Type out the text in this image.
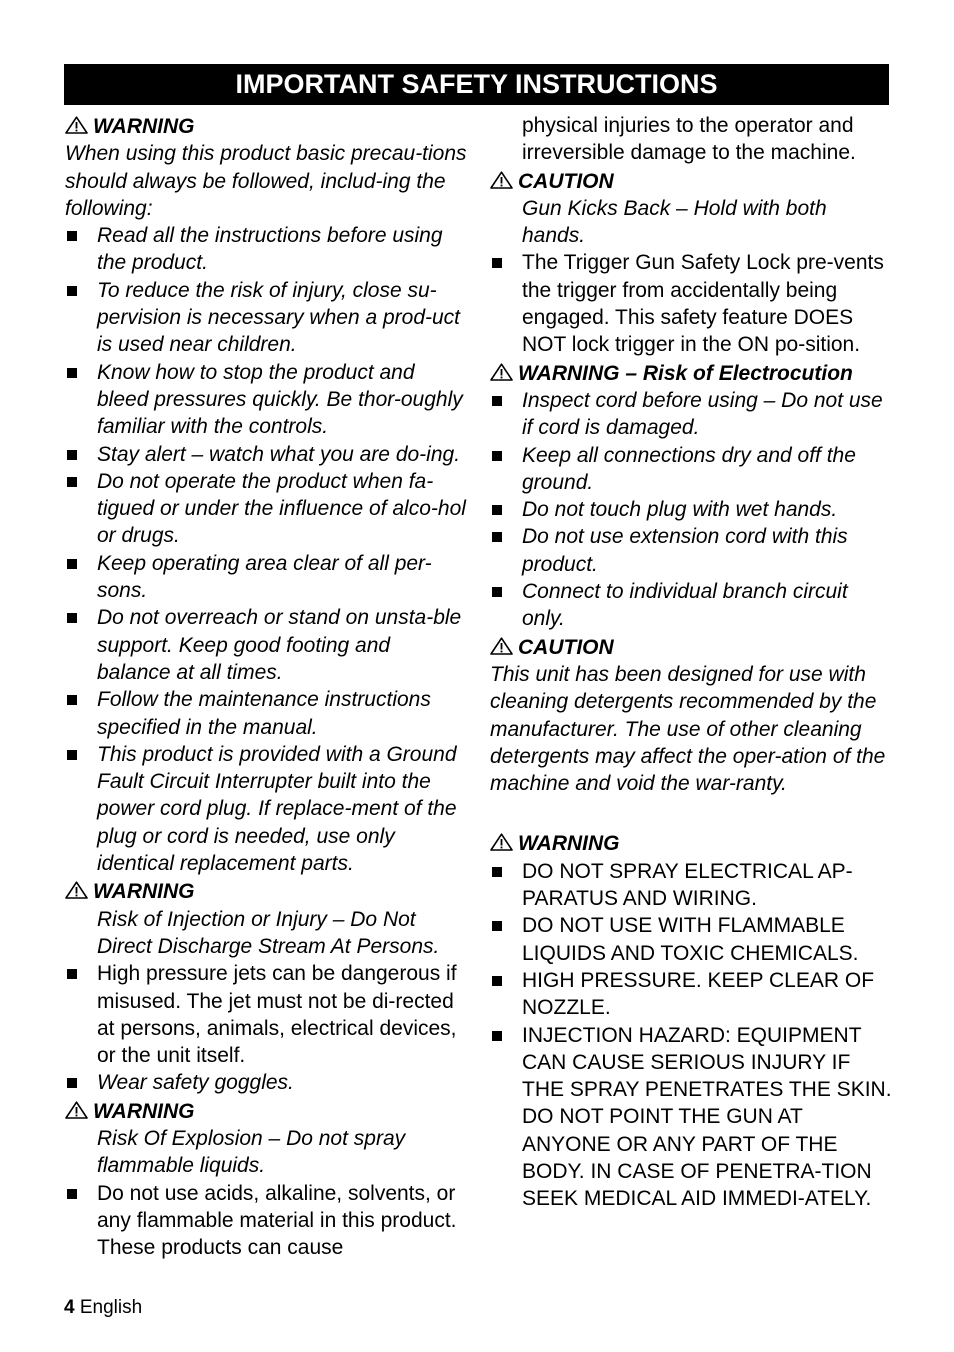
IMPORTANT SAFETY INSTRUCTIONS
WARNING

When using this product basic precau-tions should always be followed, includ-ing the following:

Read all the instructions before using the product.
To reduce the risk of injury, close su-pervision is necessary when a prod-uct is used near children.
Know how to stop the product and bleed pressures quickly. Be thor-oughly familiar with the controls.
Stay alert – watch what you are do-ing.
Do not operate the product when fa-tigued or under the influence of alco-hol or drugs.
Keep operating area clear of all per-sons.
Do not overreach or stand on unsta-ble support. Keep good footing and balance at all times.
Follow the maintenance instructions specified in the manual.
This product is provided with a Ground Fault Circuit Interrupter built into the power cord plug. If replace-ment of the plug or cord is needed, use only identical replacement parts.
WARNING

Risk of Injection or Injury – Do Not Direct Discharge Stream At Persons.

High pressure jets can be dangerous if misused. The jet must not be di-rected at persons, animals, electrical devices, or the unit itself.
Wear safety goggles.
WARNING

Risk Of Explosion – Do not spray flammable liquids.

Do not use acids, alkaline, solvents, or any flammable material in this product. These products can cause

physical injuries to the operator and irreversible damage to the machine.

CAUTION

Gun Kicks Back – Hold with both hands.

The Trigger Gun Safety Lock pre-vents the trigger from accidentally being engaged. This safety feature DOES NOT lock trigger in the ON po-sition.
WARNING – Risk of Electrocution
Inspect cord before using – Do not use if cord is damaged.
Keep all connections dry and off the ground.
Do not touch plug with wet hands.
Do not use extension cord with this product.
Connect to individual branch circuit only.
CAUTION

This unit has been designed for use with cleaning detergents recommended by the manufacturer. The use of other cleaning detergents may affect the oper-ation of the machine and void the war-ranty.

WARNING
DO NOT SPRAY ELECTRICAL AP-PARATUS AND WIRING.
DO NOT USE WITH FLAMMABLE LIQUIDS AND TOXIC CHEMICALS.
HIGH PRESSURE. KEEP CLEAR OF NOZZLE.
INJECTION HAZARD: EQUIPMENT CAN CAUSE SERIOUS INJURY IF THE SPRAY PENETRATES THE SKIN. DO NOT POINT THE GUN AT ANYONE OR ANY PART OF THE BODY. IN CASE OF PENETRA-TION SEEK MEDICAL AID IMMEDI-ATELY.
4 English
